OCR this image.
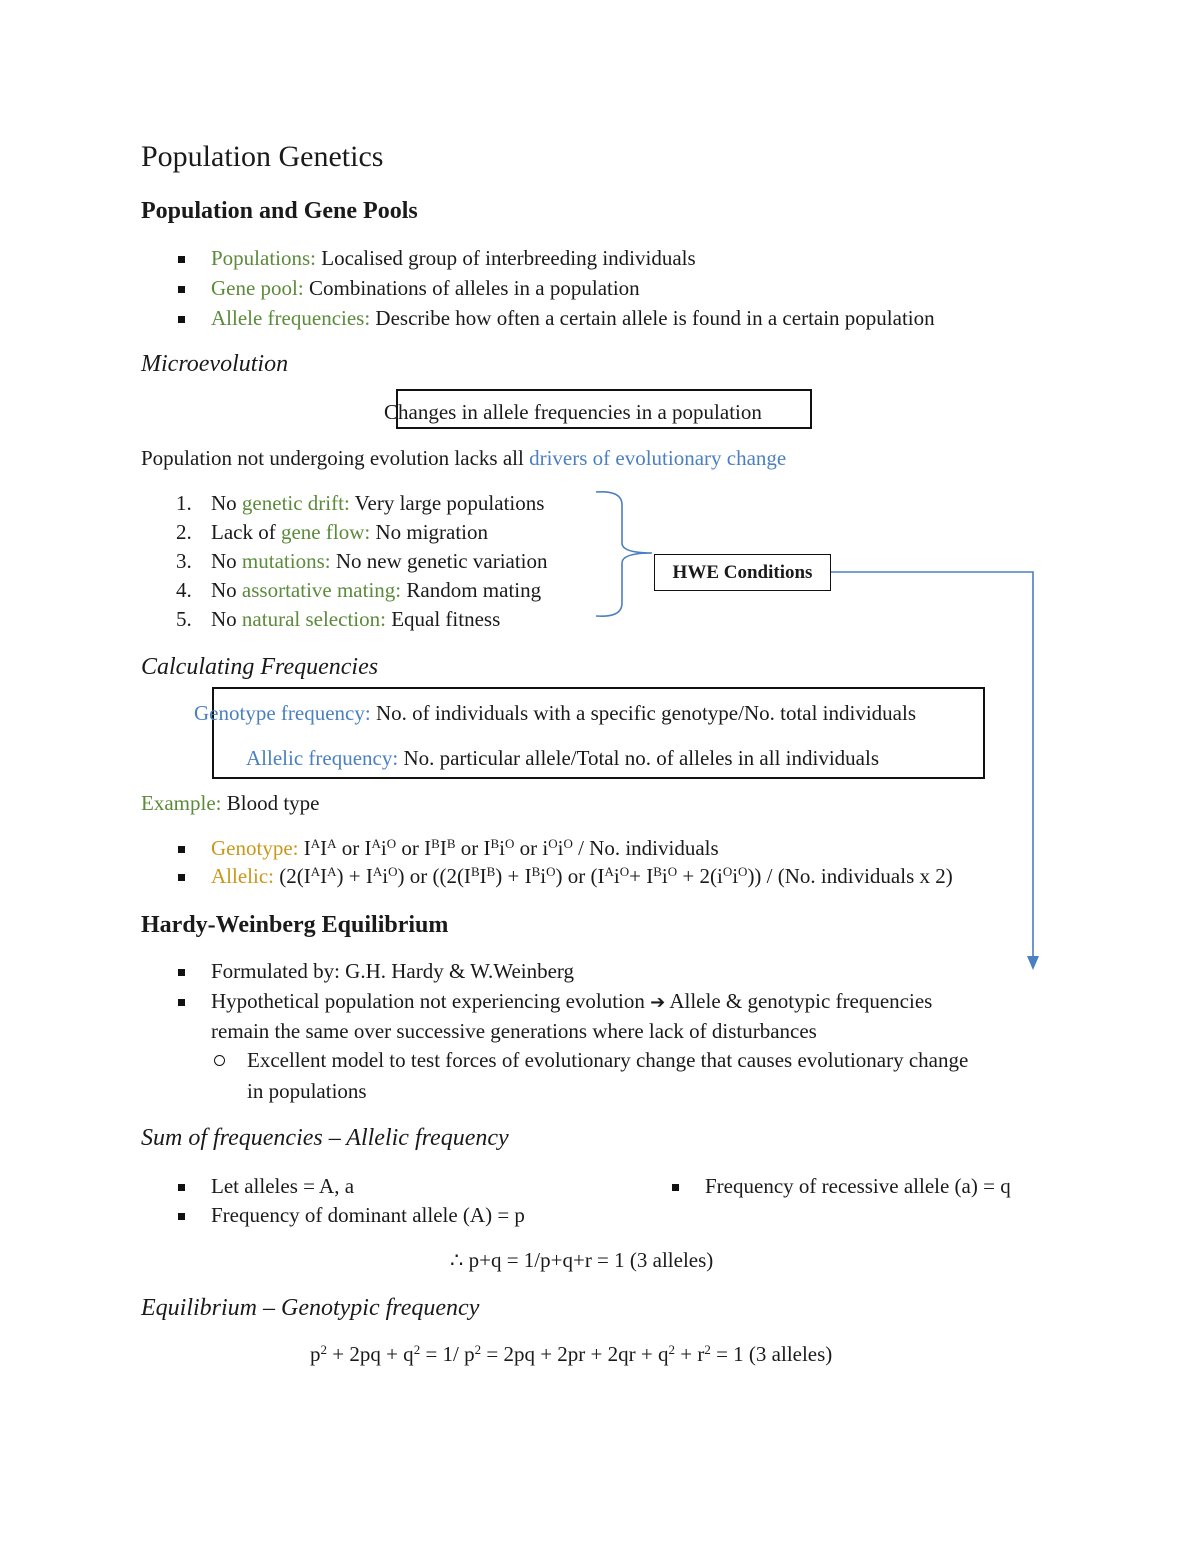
Population Genetics
Population and Gene Pools
Populations: Localised group of interbreeding individuals
Gene pool: Combinations of alleles in a population
Allele frequencies: Describe how often a certain allele is found in a certain population
Microevolution
Changes in allele frequencies in a population
Population not undergoing evolution lacks all drivers of evolutionary change
1. No genetic drift: Very large populations
2. Lack of gene flow: No migration
3. No mutations: No new genetic variation
4. No assortative mating: Random mating
5. No natural selection: Equal fitness
HWE Conditions
Calculating Frequencies
Genotype frequency: No. of individuals with a specific genotype/No. total individuals
Allelic frequency: No. particular allele/Total no. of alleles in all individuals
Example: Blood type
Genotype: $I^AI^A$ or $I^Ai^O$ or $I^BI^B$ or $I^Bi^O$ or $i^Oi^O$ / No. individuals
Allelic: $(2(I^AI^A) + I^Ai^O)$ or ($(2(I^BI^B) + I^Bi^O)$ or $(I^Ai^O+ I^Bi^O + 2(i^Oi^O)) / (No$. individuals x 2)
Hardy-Weinberg Equilibrium
Formulated by: G.H. Hardy & W.Weinberg
Hypothetical population not experiencing evolution ➔ Allele & genotypic frequencies
remain the same over successive generations where lack of disturbances
Excellent model to test forces of evolutionary change that causes evolutionary change
in populations
Sum of frequencies – Allelic frequency
Let alleles = A, a
Frequency of dominant allele (A) = p
Frequency of recessive allele (a) = q
∴ p+q = 1/p+q+r = 1 (3 alleles)
Equilibrium – Genotypic frequency
$p^2 + 2pq + q^2 = 1/$ $p^2 = 2pq + 2pr + 2qr + q^2 + r^2 = 1$ (3 alleles)
